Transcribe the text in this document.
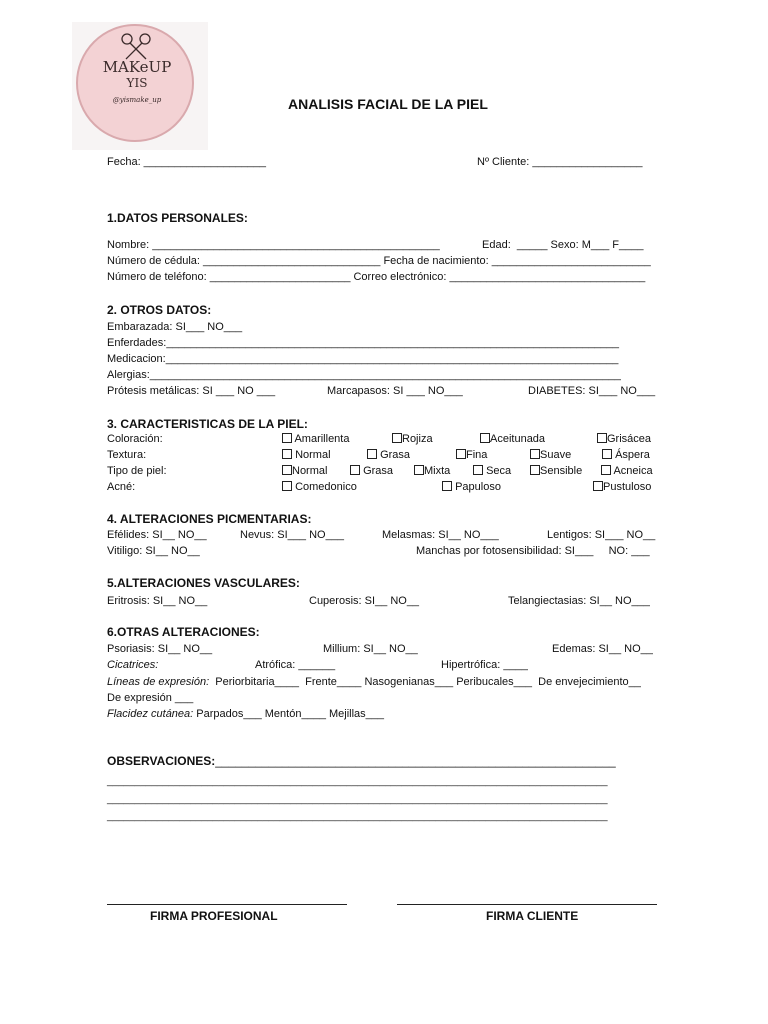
MAKeUP
YIS
@yismake_up	ANALISIS FACIAL DE LA PIEL
Fecha: ____________________	Nº Cliente: __________________
1.DATOS PERSONALES:
Nombre: _______________________________________________	Edad:  _____ Sexo: M___ F____
Número de cédula: _____________________________ Fecha de nacimiento: __________________________
Número de teléfono: _______________________ Correo electrónico: ________________________________
2. OTROS DATOS:
Embarazada: SI___ NO___
Enferdades:__________________________________________________________________________
Medicacion:__________________________________________________________________________
Alergias:_____________________________________________________________________________
Prótesis metálicas: SI ___ NO ___	Marcapasos: SI ___ NO___	DIABETES: SI___ NO___
3. CARACTERISTICAS DE LA PIEL:
Coloración:	Amarillenta	Rojiza	Aceitunada	Grisácea
Textura:	Normal	Grasa	Fina	Suave	Áspera
Tipo de piel:	Normal	Grasa	Mixta	Seca	Sensible	Acneica
Acné:	Comedonico	Papuloso	Pustuloso
4. ALTERACIONES PICMENTARIAS:
Efélides: SI__ NO__	Nevus: SI___ NO___	Melasmas: SI__ NO___	Lentigos: SI___ NO__
Vitiligo: SI__ NO__	Manchas por fotosensibilidad: SI___     NO: ___
5.ALTERACIONES VASCULARES:
Eritrosis: SI__ NO__	Cuperosis: SI__ NO__	Telangiectasias: SI__ NO___
6.OTRAS ALTERACIONES:
Psoriasis: SI__ NO__	Millium: SI__ NO__	Edemas: SI__ NO__
Cicatrices:	Atrófica: ______	Hipertrófica: ____
Líneas de expresión:  Periorbitaria____  Frente____ Nasogenianas___ Peribucales___  De envejecimiento__
De expresión ___
Flacidez cutánea: Parpados___ Mentón____ Mejillas___
OBSERVACIONES:____________________________________________________________
__________________________________________________________________________________________
__________________________________________________________________________________________
__________________________________________________________________________________________
FIRMA PROFESIONAL	FIRMA CLIENTE
